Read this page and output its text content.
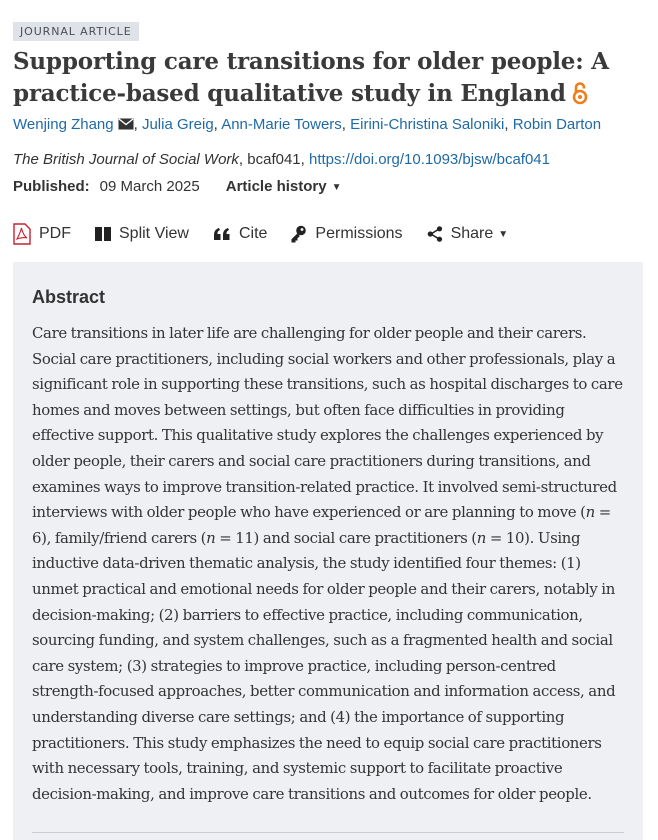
JOURNAL ARTICLE
Supporting care transitions for older people: A
practice-based qualitative study in England
Wenjing Zhang , Julia Greig, Ann-Marie Towers, Eirini-Christina Saloniki, Robin Darton
The British Journal of Social Work, bcaf041, https://doi.org/10.1093/bjsw/bcaf041
Published: 09 March 2025 Article history ▼
PDF	Split View	Cite	Permissions	Share ▼
Abstract
Care transitions in later life are challenging for older people and their carers.
Social care practitioners, including social workers and other professionals, play a
significant role in supporting these transitions, such as hospital discharges to care
homes and moves between settings, but often face difficulties in providing
effective support. This qualitative study explores the challenges experienced by
older people, their carers and social care practitioners during transitions, and
examines ways to improve transition-related practice. It involved semi-structured
interviews with older people who have experienced or are planning to move (n =
6), family/friend carers (n = 11) and social care practitioners (n = 10). Using
inductive data-driven thematic analysis, the study identified four themes: (1)
unmet practical and emotional needs for older people and their carers, notably in
decision-making; (2) barriers to effective practice, including communication,
sourcing funding, and system challenges, such as a fragmented health and social
care system; (3) strategies to improve practice, including person-centred
strength-focused approaches, better communication and information access, and
understanding diverse care settings; and (4) the importance of supporting
practitioners. This study emphasizes the need to equip social care practitioners
with necessary tools, training, and systemic support to facilitate proactive
decision-making, and improve care transitions and outcomes for older people.
